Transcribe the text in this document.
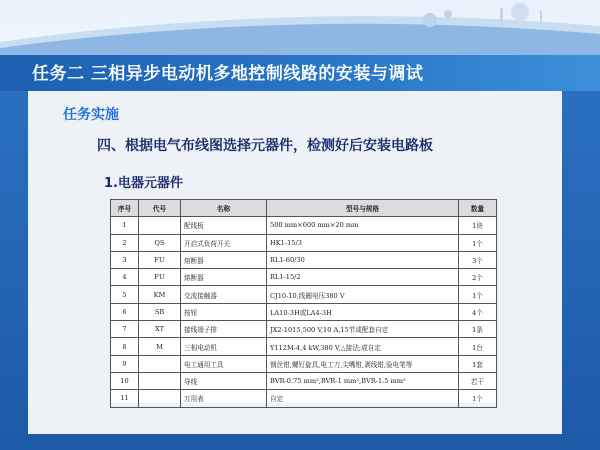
任务二 三相异步电动机多地控制线路的安装与调试
任务实施
四、根据电气布线图选择元器件，检测好后安装电路板
1.电器元器件
序号	代号	名称	型号与规格	数量
1		配线板	500 mm×600 mm×20 mm	1块
2	QS	开启式负荷开关	HK1-15/3	1个
3	FU	熔断器	RL1-60/30	3个
4	FU	熔断器	RL1-15/2	2个
5	KM	交流接触器	CJ10-10,线圈电压380 V	1个
6	SB	按钮	LA10-3H或LA4-3H	4个
7	XT	接线端子排	JX2-1015,500 V,10 A,15节或配套自定	1条
8	M	三相电动机	Y112M-4,4 kW,380 V,△接法;或自定	1台
9		电工通用工具	钢丝钳,螺钉旋具,电工刀,尖嘴钳,剥线钳,验电笔等	1套
10		导线	BVR-0.75 mm²,BVR-1 mm²,BVR-1.5 mm²	若干
11		万用表	自定	1个
